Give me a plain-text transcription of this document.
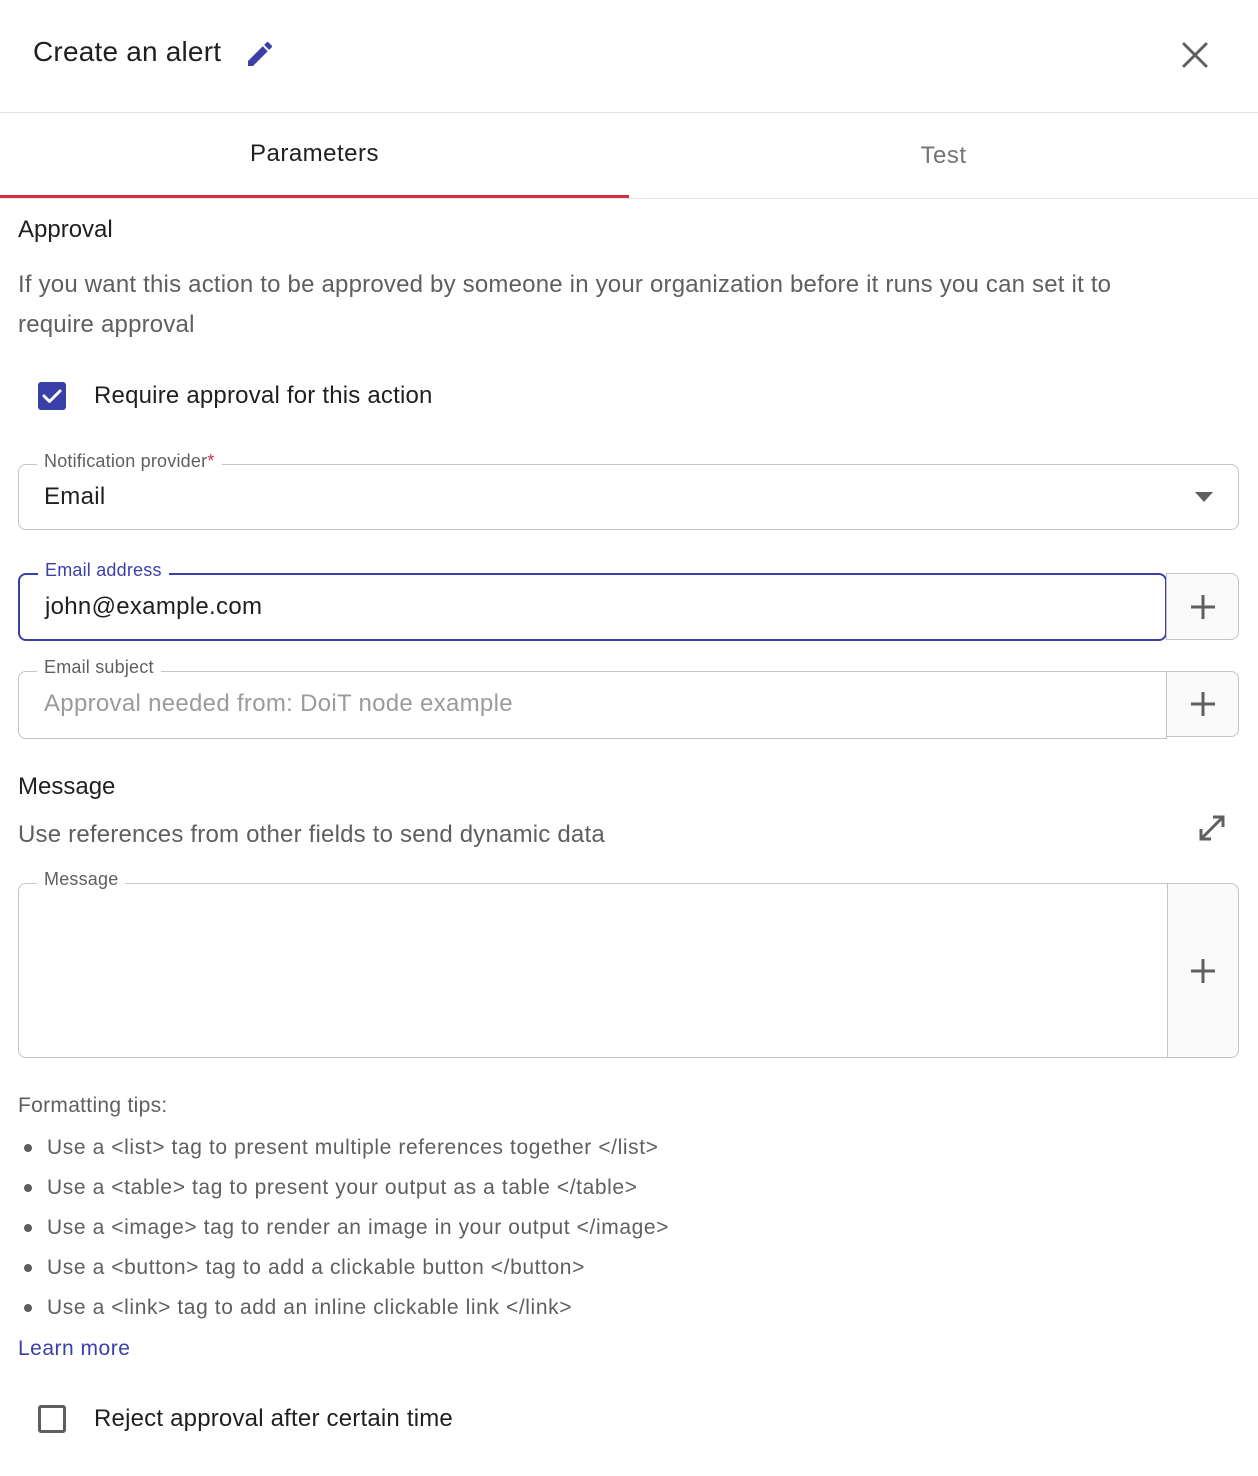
Create an alert
Parameters	Test
Approval
If you want this action to be approved by someone in your organization before it runs you can set it to
require approval
Require approval for this action
Notification provider*
Email
Email address
john@example.com
Email subject
Approval needed from: DoiT node example
Message
Use references from other fields to send dynamic data
Message
Formatting tips:
Use a <list> tag to present multiple references together </list>
Use a <table> tag to present your output as a table </table>
Use a <image> tag to render an image in your output </image>
Use a <button> tag to add a clickable button </button>
Use a <link> tag to add an inline clickable link </link>
Learn more
Reject approval after certain time
